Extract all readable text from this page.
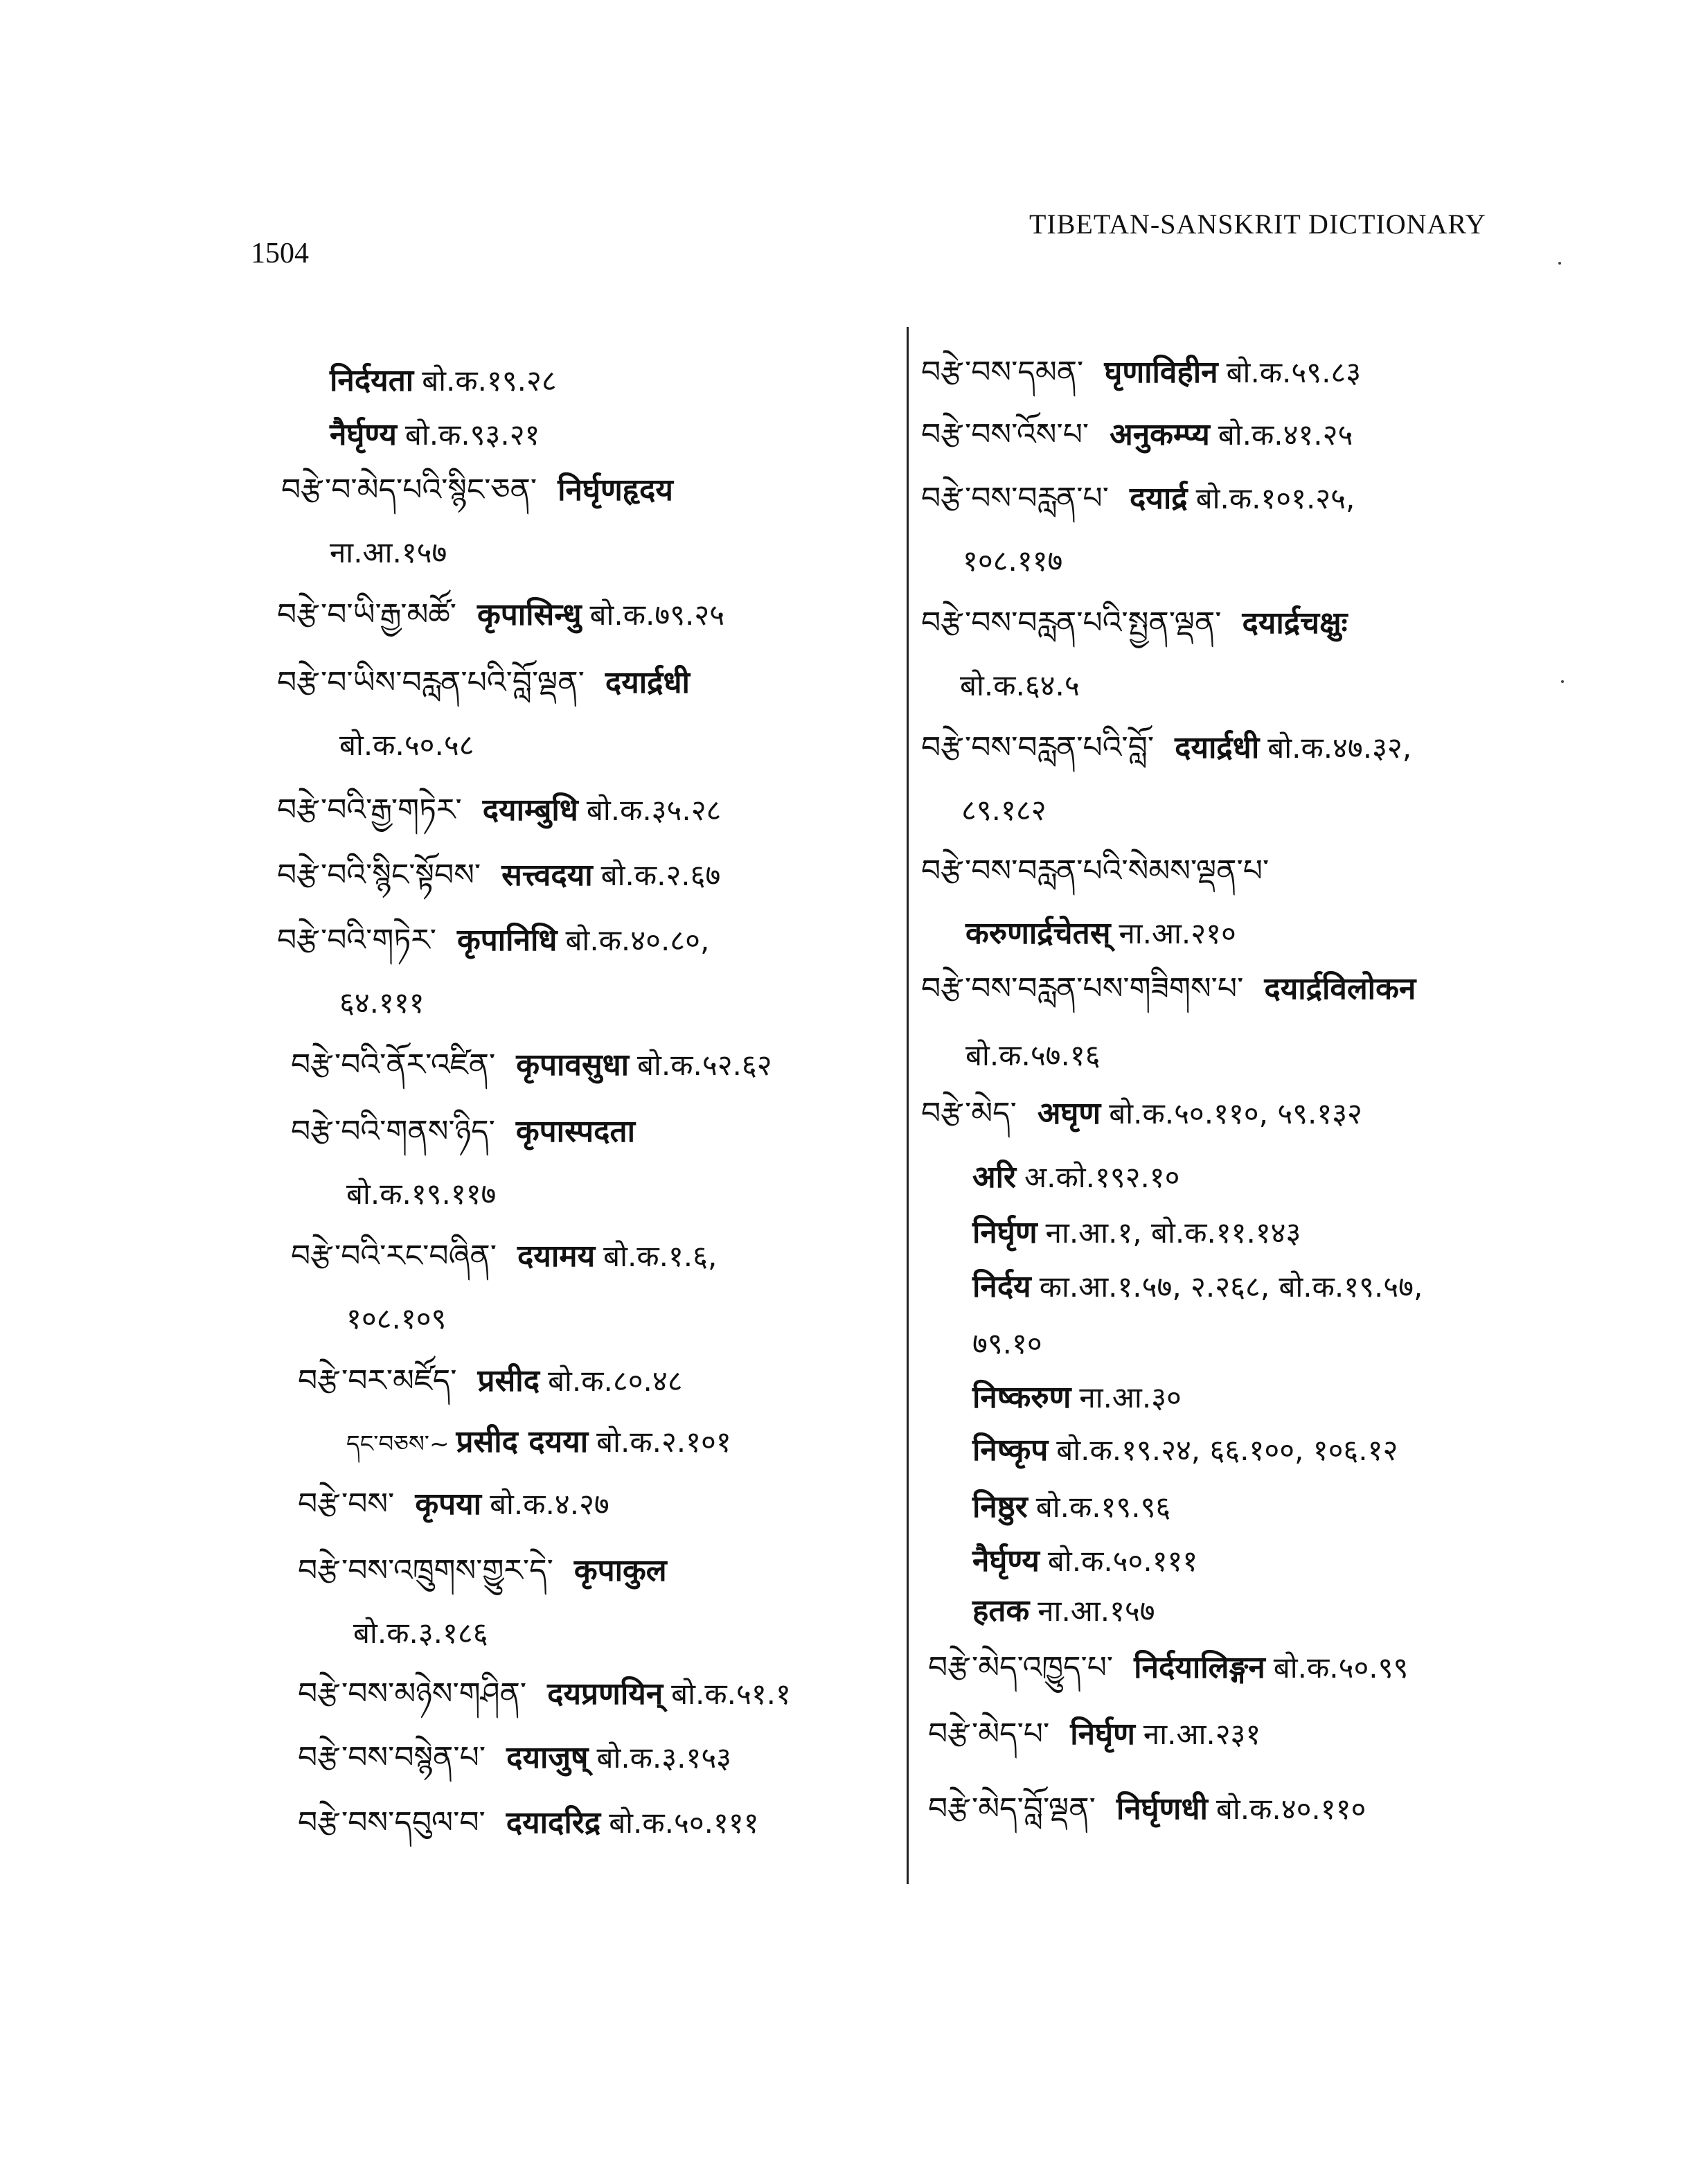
1504
TIBETAN-SANSKRIT DICTIONARY
निर्दयता बो.क.१९.२८
नैर्घृण्य बो.क.९३.२१
བརྩེ་བ་མེད་པའི་སྙིང་ཅན་ निर्घृणहृदय
ना.आ.१५७
བརྩེ་བ་ཡི་རྒྱ་མཚོ་ कृपासिन्धु बो.क.७९.२५
བརྩེ་བ་ཡིས་བརླན་པའི་བློ་ལྡན་ दयार्द्रधी
बो.क.५०.५८
བརྩེ་བའི་རྒྱ་གཏེར་ दयाम्बुधि बो.क.३५.२८
བརྩེ་བའི་སྙིང་སྟོབས་ सत्त्वदया बो.क.२.६७
བརྩེ་བའི་གཏེར་ कृपानिधि बो.क.४०.८०,
६४.१११
བརྩེ་བའི་ནོར་འཛིན་ कृपावसुधा बो.क.५२.६२
བརྩེ་བའི་གནས་ཉིད་ कृपास्पदता
बो.क.१९.११७
བརྩེ་བའི་རང་བཞིན་ दयामय बो.क.१.६,
१०८.१०९
བརྩེ་བར་མཛོད་ प्रसीद बो.क.८०.४८
དང་བཅས་~ प्रसीद दयया बो.क.२.१०१
བརྩེ་བས་ कृपया बो.क.४.२७
བརྩེ་བས་འཁྲུགས་གྱུར་དེ་ कृपाकुल
बो.क.३.१८६
བརྩེ་བས་མཉེས་གཤིན་ दयप्रणयिन् बो.क.५१.१
བརྩེ་བས་བསྙེན་པ་ दयाजुष् बो.क.३.१५३
བརྩེ་བས་དབུལ་བ་ दयादरिद्र बो.क.५०.१११
བརྩེ་བས་དམན་ घृणाविहीन बो.क.५९.८३
བརྩེ་བས་འོས་པ་ अनुकम्प्य बो.क.४१.२५
བརྩེ་བས་བརླན་པ་ दयार्द्र बो.क.१०१.२५,
१०८.११७
བརྩེ་བས་བརླན་པའི་སྤྱན་ལྡན་ दयार्द्रचक्षुः
बो.क.६४.५
བརྩེ་བས་བརླན་པའི་བློ་ दयार्द्रधी बो.क.४७.३२,
८९.१८२
བརྩེ་བས་བརླན་པའི་སེམས་ལྡན་པ་
करुणार्द्रचेतस् ना.आ.२१०
བརྩེ་བས་བརླན་པས་གཟིགས་པ་ दयार्द्रविलोकन
बो.क.५७.१६
བརྩེ་མེད་ अघृण बो.क.५०.११०, ५९.१३२
अरि अ.को.१९२.१०
निर्घृण ना.आ.१, बो.क.११.१४३
निर्दय का.आ.१.५७, २.२६८, बो.क.१९.५७,
७९.१०
निष्करुण ना.आ.३०
निष्कृप बो.क.१९.२४, ६६.१००, १०६.१२
निष्ठुर बो.क.१९.९६
नैर्घृण्य बो.क.५०.१११
हतक ना.आ.१५७
བརྩེ་མེད་འཁྱུད་པ་ निर्दयालिङ्गन बो.क.५०.९९
བརྩེ་མེད་པ་ निर्घृण ना.आ.२३१
བརྩེ་མེད་བློ་ལྡན་ निर्घृणधी बो.क.४०.११०
